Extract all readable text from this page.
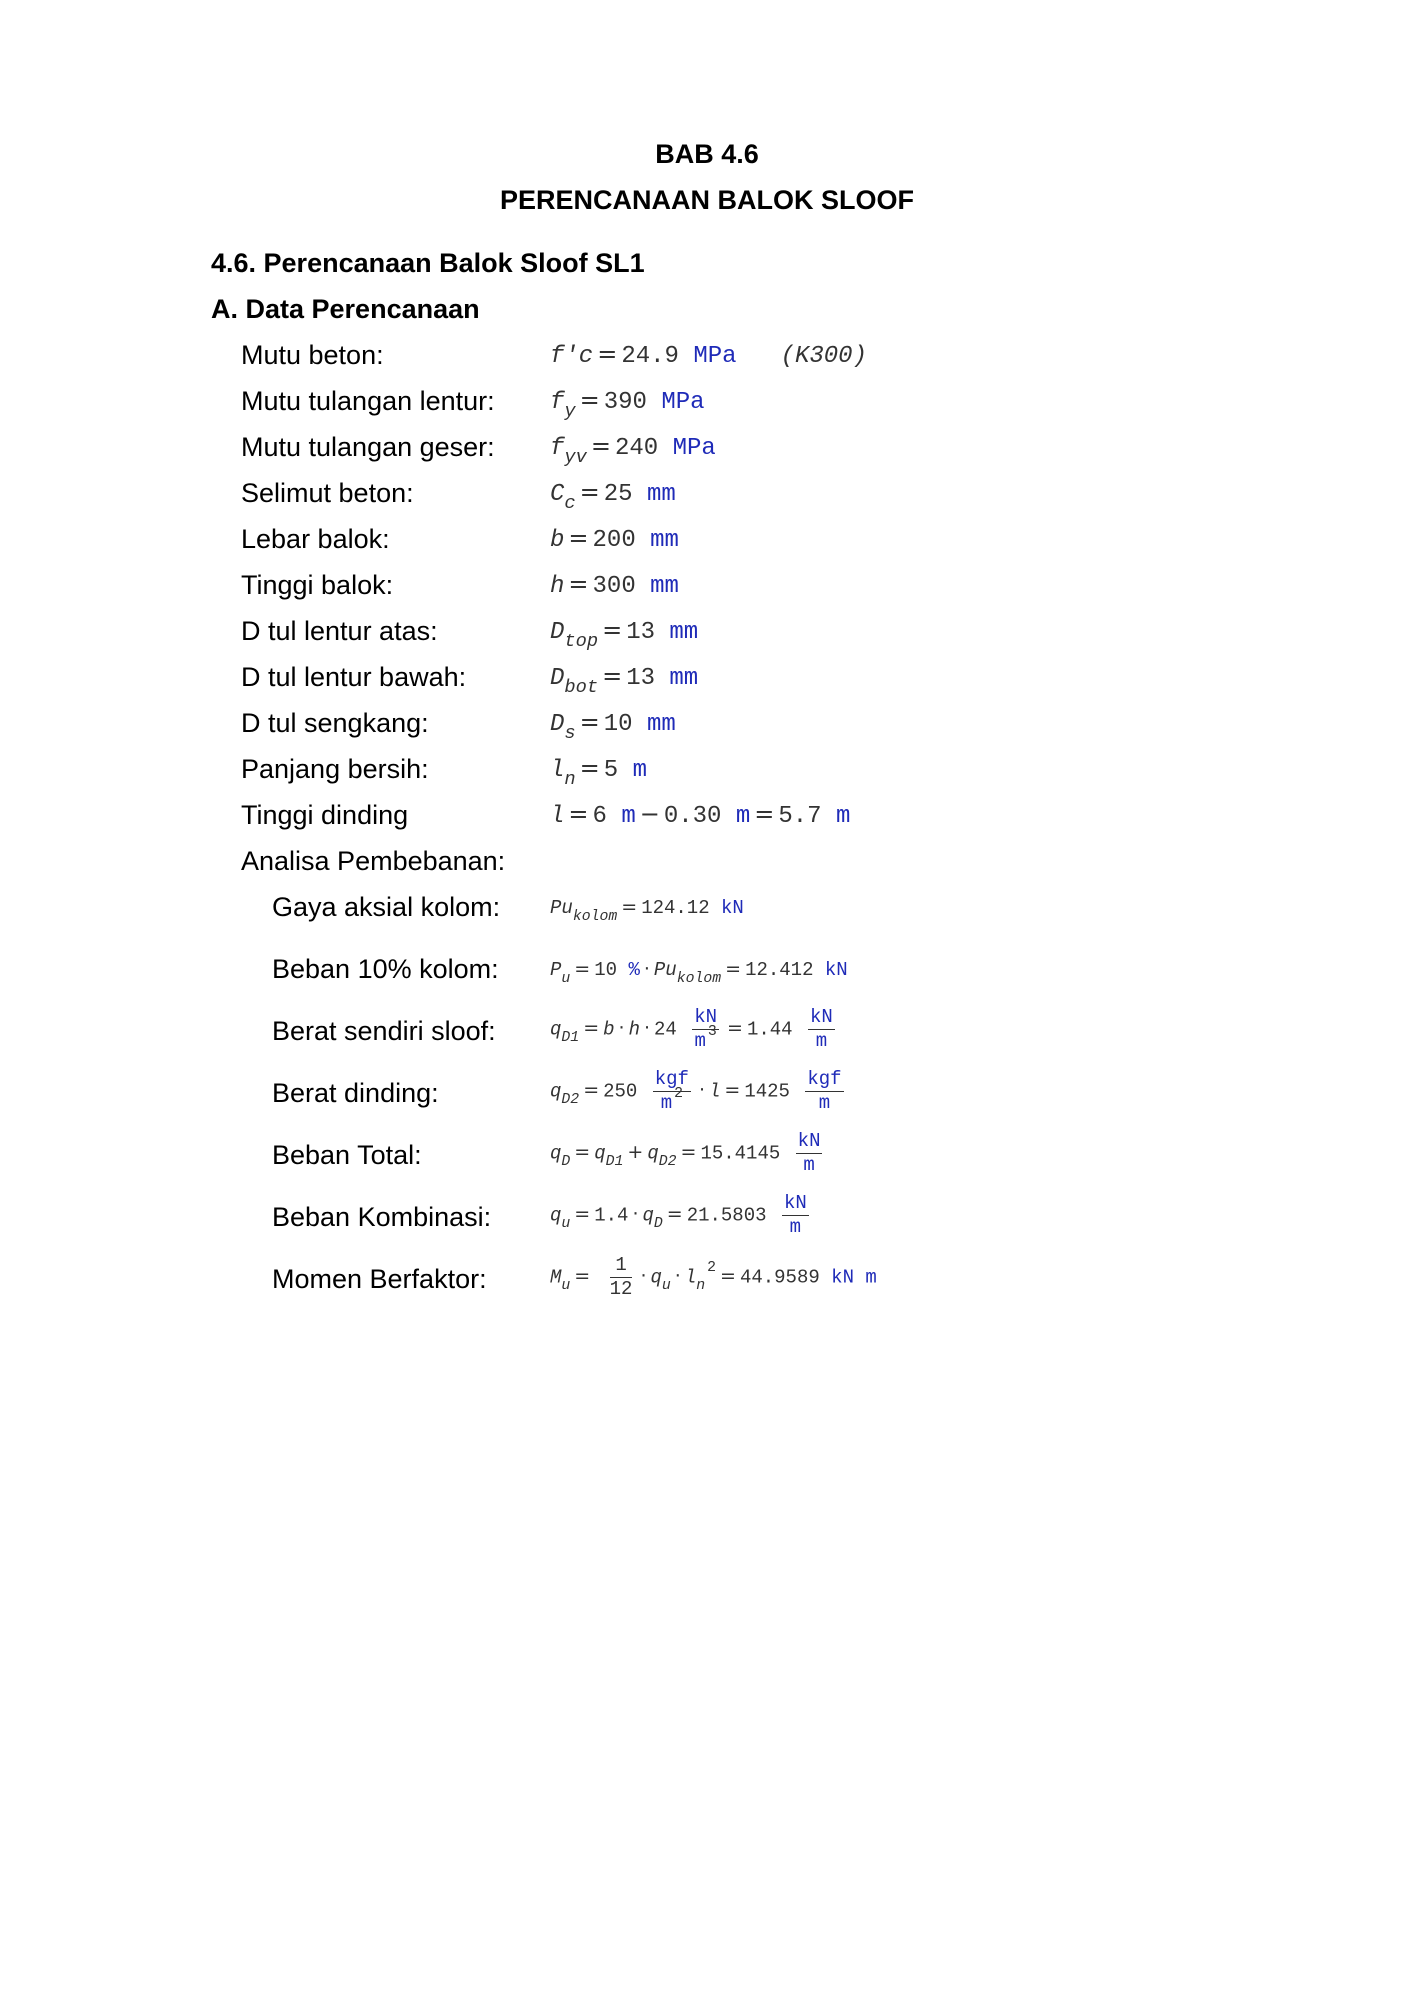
BAB 4.6
PERENCANAAN BALOK SLOOF
4.6. Perencanaan Balok Sloof SL1
A. Data Perencanaan
Mutu beton:	f'c = 24.9 MPa (K300)
Mutu tulangan lentur: $f_y = 390$ MPa
Mutu tulangan geser: $f_{yv} = 240$ MPa
Selimut beton:	$C_c = 25$ mm
Lebar balok:	b = 200 mm
Tinggi balok:	h = 300 mm
D tul lentur atas:	$D_{top} = 13$ mm
D tul lentur bawah:	$D_{bot} = 13$ mm
D tul sengkang:	$D_s = 10$ mm
Panjang bersih:	$l_n = 5$ m
Tinggi dinding	l = 6 m − 0.30 m = 5.7 m
Analisa Pembebanan:
Gaya aksial kolom:	$Pu_{kolom} = 124.12$ kN
Beban 10% kolom:	$P_u = 10$ % · $Pu_{kolom} = 12.412$ kN
Berat sendiri sloof:	$q_{D1} = b \cdot h \cdot 24 \frac{kN}{m ^3} = 1.44 \frac{kN}{m}$
Berat dinding:	$q_{D2} = 250$
kgf
m $^2$ · l = 1425
kgf
m
Beban Total:	$q_D = q_{D1} + q_{D2} = 15.4145 \frac{kN}{m}$
Beban Kombinasi:	$q_u = 1.4 \cdot q_D = 21.5803 \frac{kN}{m}$
Momen Berfaktor:	$M_u = \frac{1}{12} \cdot q_u \cdot l_n^2 = 44.9589$ kN m
